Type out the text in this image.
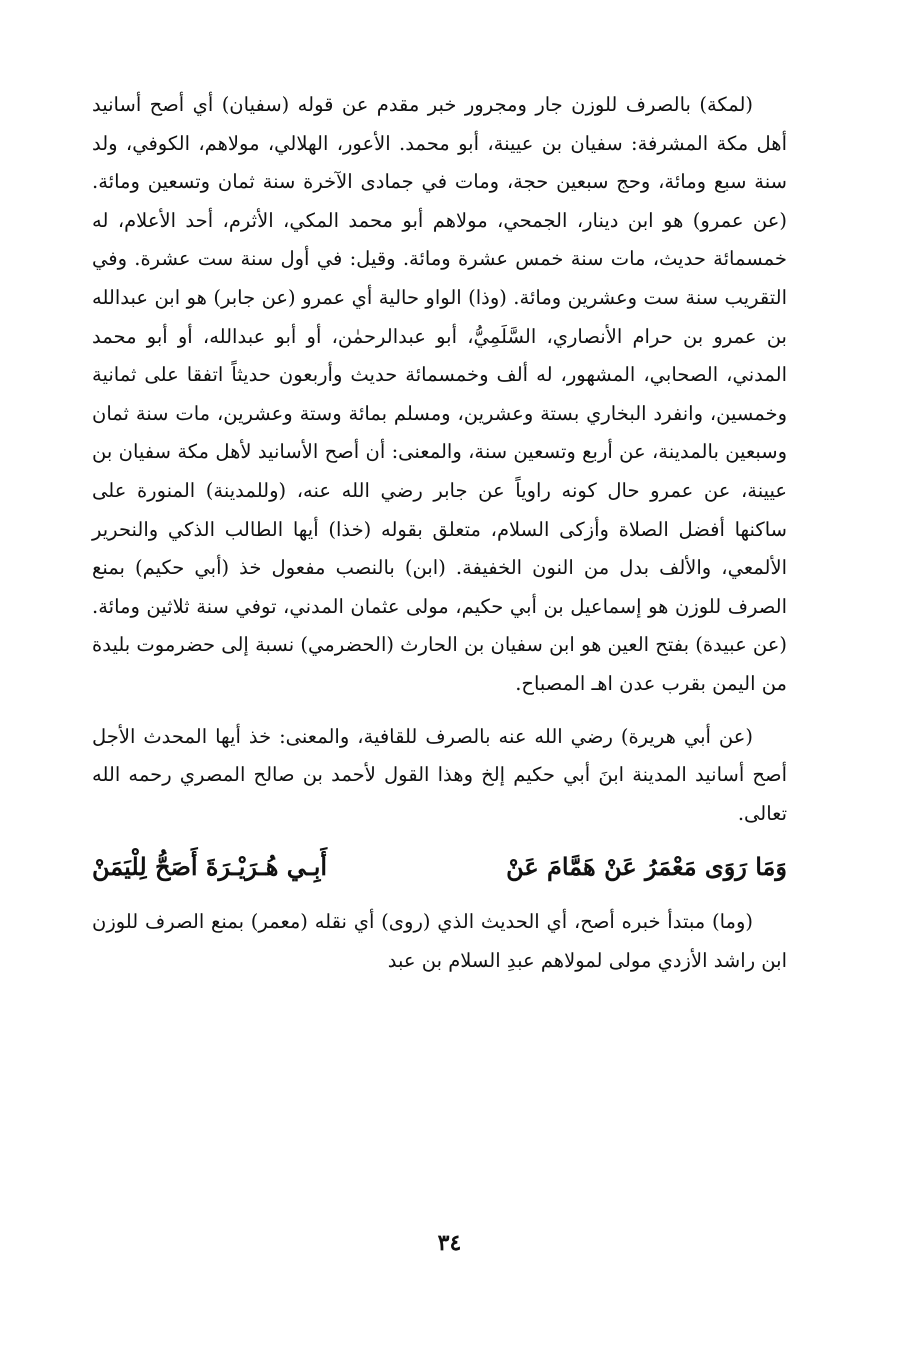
(لمكة) بالصرف للوزن جار ومجرور خبر مقدم عن قوله (سفيان) أي أصح أسانيد أهل مكة المشرفة: سفيان بن عيينة، أبو محمد. الأعور، الهلالي، مولاهم، الكوفي، ولد سنة سبع ومائة، وحج سبعين حجة، ومات في جمادى الآخرة سنة ثمان وتسعين ومائة. (عن عمرو) هو ابن دينار، الجمحي، مولاهم أبو محمد المكي، الأثرم، أحد الأعلام، له خمسمائة حديث، مات سنة خمس عشرة ومائة. وقيل: في أول سنة ست عشرة. وفي التقريب سنة ست وعشرين ومائة. (وذا) الواو حالية أي عمرو (عن جابر) هو ابن عبدالله بن عمرو بن حرام الأنصاري، السَّلَمِيُّ، أبو عبدالرحمٰن، أو أبو عبدالله، أو أبو محمد المدني، الصحابي، المشهور، له ألف وخمسمائة حديث وأربعون حديثاً اتفقا على ثمانية وخمسين، وانفرد البخاري بستة وعشرين، ومسلم بمائة وستة وعشرين، مات سنة ثمان وسبعين بالمدينة، عن أربع وتسعين سنة، والمعنى: أن أصح الأسانيد لأهل مكة سفيان بن عيينة، عن عمرو حال كونه راوياً عن جابر رضي الله عنه، (وللمدينة) المنورة على ساكنها أفضل الصلاة وأزكى السلام، متعلق بقوله (خذا) أيها الطالب الذكي والنحرير الألمعي، والألف بدل من النون الخفيفة. (ابن) بالنصب مفعول خذ (أبي حكيم) بمنع الصرف للوزن هو إسماعيل بن أبي حكيم، مولى عثمان المدني، توفي سنة ثلاثين ومائة. (عن عبيدة) بفتح العين هو ابن سفيان بن الحارث (الحضرمي) نسبة إلى حضرموت بليدة من اليمن بقرب عدن اهـ المصباح.

(عن أبي هريرة) رضي الله عنه بالصرف للقافية، والمعنى: خذ أيها المحدث الأجل أصح أسانيد المدينة ابنَ أبي حكيم إلخ وهذا القول لأحمد بن صالح المصري رحمه الله تعالى.

وَمَا رَوَى مَعْمَرُ عَنْ هَمَّامَ عَنْ
أَبِـي هُـرَيْـرَةَ أَصَحُّ لِلْيَمَنْ

(وما) مبتدأ خبره أصح، أي الحديث الذي (روى) أي نقله (معمر) بمنع الصرف للوزن ابن راشد الأزدي مولى لمولاهم عبدِ السلام بن عبد

٣٤
